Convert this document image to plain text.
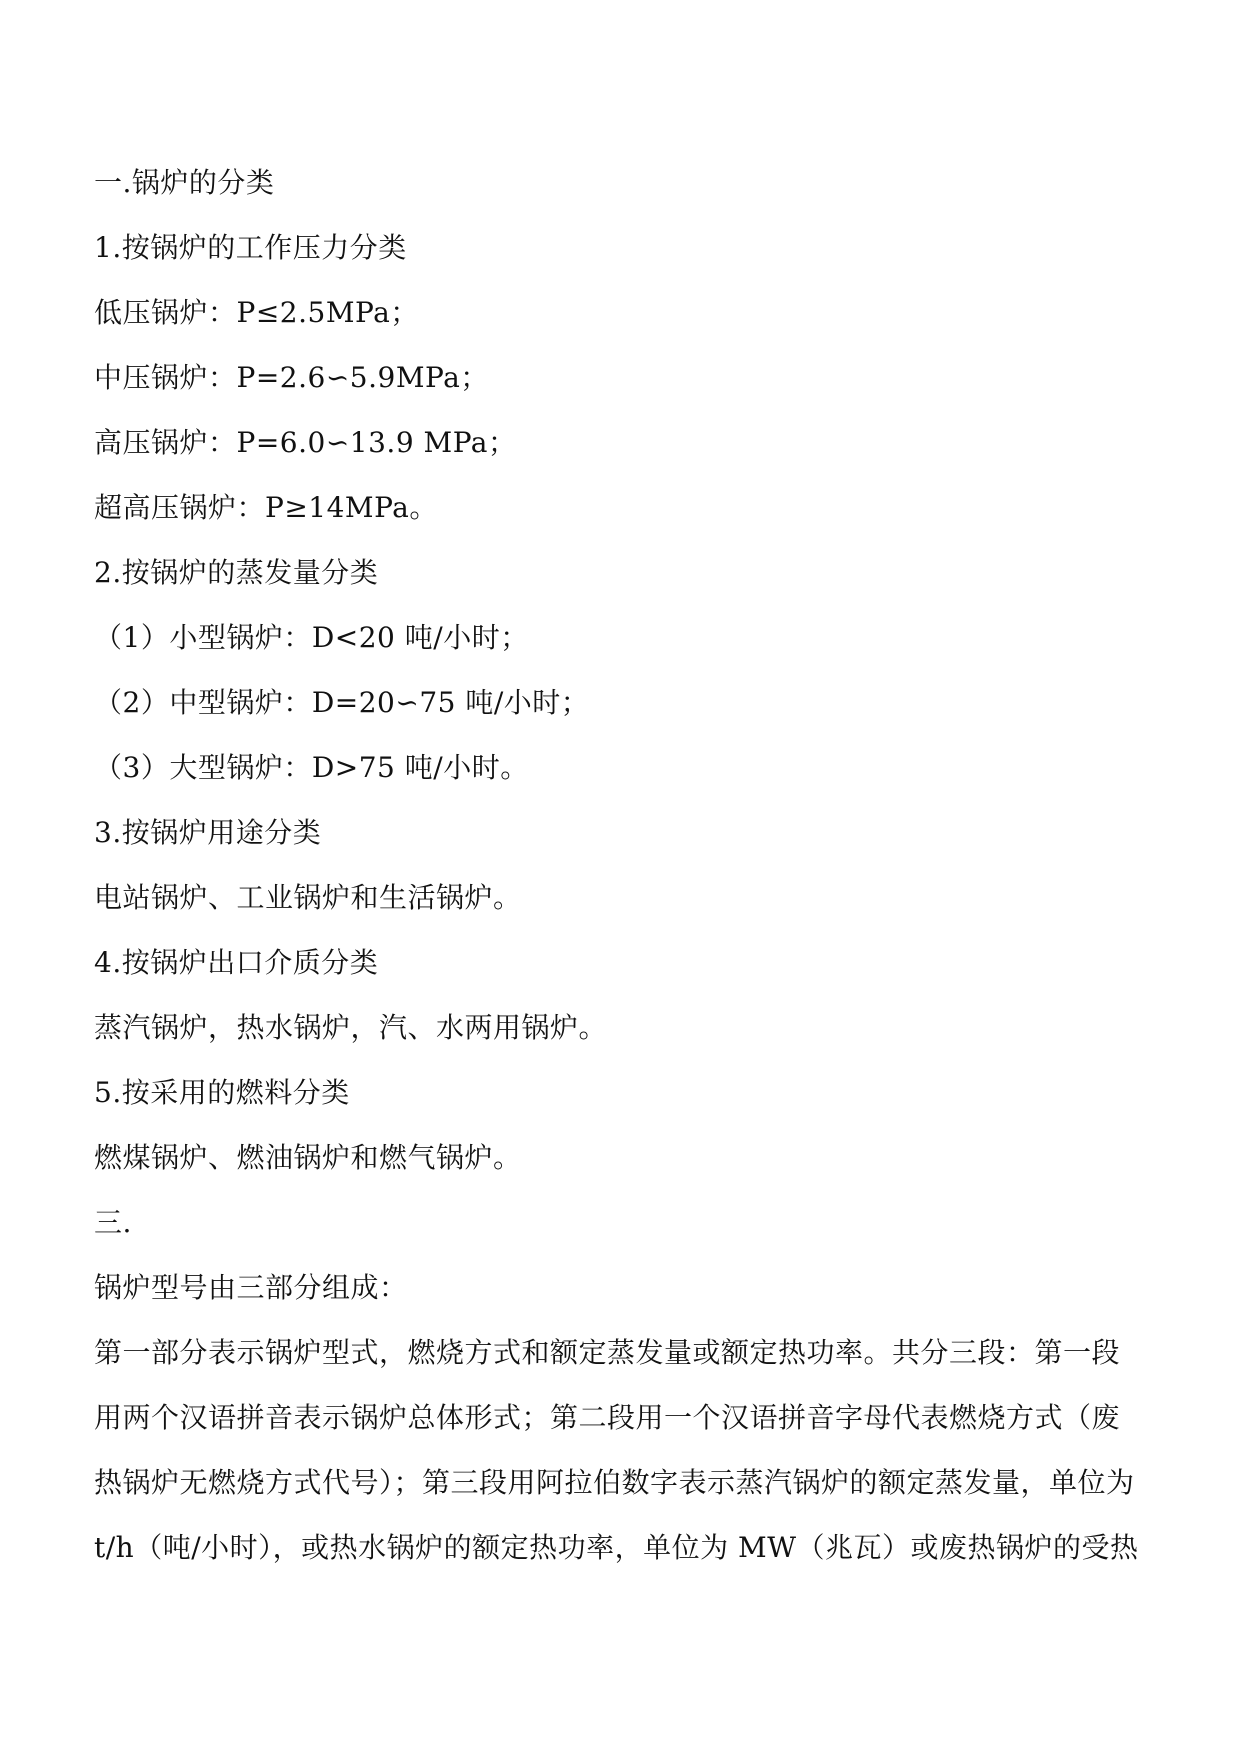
一.锅炉的分类
1.按锅炉的工作压力分类
低压锅炉：P≤2.5MPa；
中压锅炉：P=2.6∽5.9MPa；
高压锅炉：P=6.0∽13.9 MPa；
超高压锅炉：P≥14MPa。
2.按锅炉的蒸发量分类
（1）小型锅炉：D<20 吨/小时；
（2）中型锅炉：D=20∽75 吨/小时；
（3）大型锅炉：D>75 吨/小时。
3.按锅炉用途分类
电站锅炉、工业锅炉和生活锅炉。
4.按锅炉出口介质分类
蒸汽锅炉，热水锅炉，汽、水两用锅炉。
5.按采用的燃料分类
燃煤锅炉、燃油锅炉和燃气锅炉。
三.
锅炉型号由三部分组成：
第一部分表示锅炉型式，燃烧方式和额定蒸发量或额定热功率。共分三段：第一段
用两个汉语拼音表示锅炉总体形式；第二段用一个汉语拼音字母代表燃烧方式（废
热锅炉无燃烧方式代号）；第三段用阿拉伯数字表示蒸汽锅炉的额定蒸发量，单位为
t/h（吨/小时），或热水锅炉的额定热功率，单位为 MW（兆瓦）或废热锅炉的受热
